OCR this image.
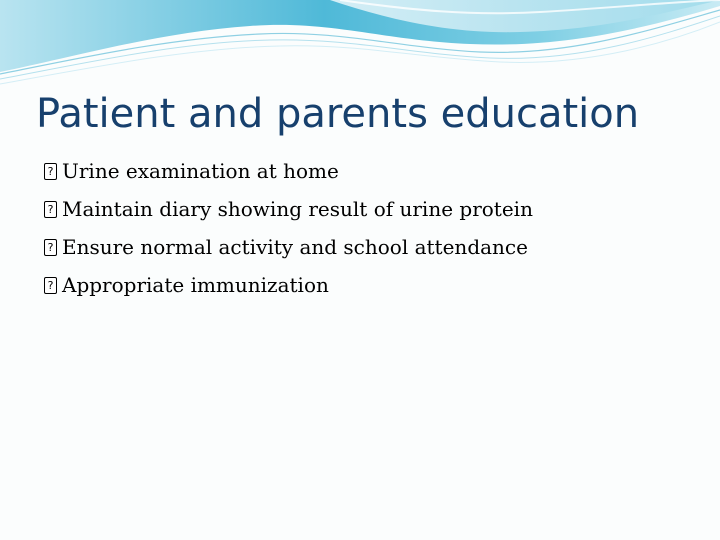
Patient and parents education
?Urine examination at home
?Maintain diary showing result of urine protein
?Ensure normal activity and school attendance
?Appropriate immunization
